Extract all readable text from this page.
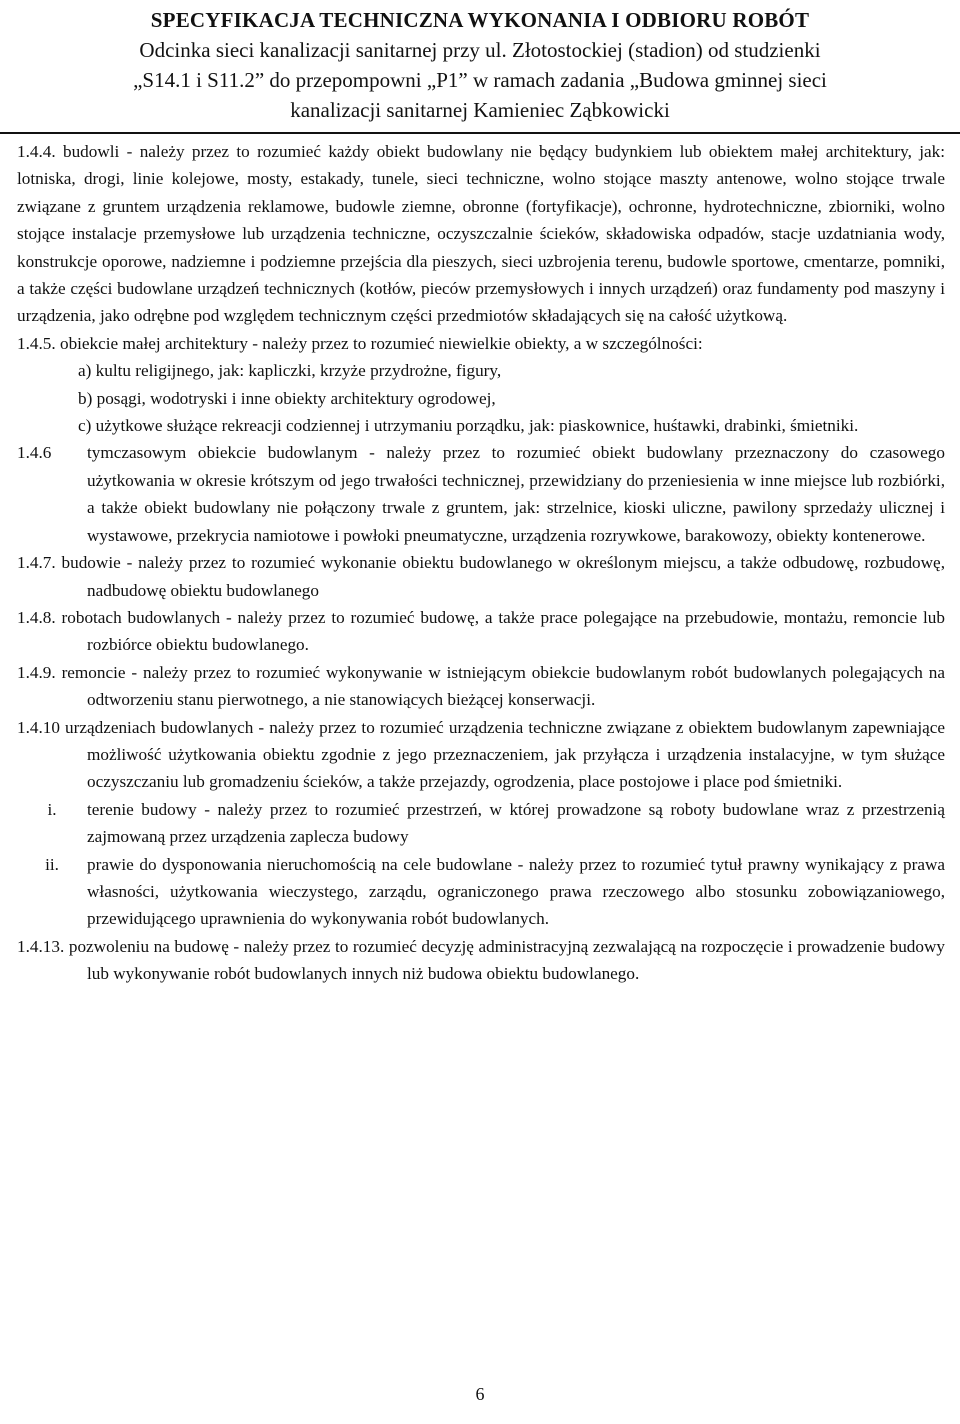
SPECYFIKACJA TECHNICZNA WYKONANIA I ODBIORU ROBÓT
Odcinka sieci kanalizacji sanitarnej przy ul. Złotostockiej (stadion) od studzienki
„S14.1 i S11.2” do przepompowni „P1” w ramach zadania „Budowa gminnej sieci
kanalizacji sanitarnej Kamieniec Ząbkowicki

1.4.4. budowli - należy przez to rozumieć każdy obiekt budowlany nie będący budynkiem lub obiektem małej architektury, jak: lotniska, drogi, linie kolejowe, mosty, estakady, tunele, sieci techniczne, wolno stojące maszty antenowe, wolno stojące trwale związane z gruntem urządzenia reklamowe, budowle ziemne, obronne (fortyfikacje), ochronne, hydrotechniczne, zbiorniki, wolno stojące instalacje przemysłowe lub urządzenia techniczne, oczyszczalnie ścieków, składowiska odpadów, stacje uzdatniania wody, konstrukcje oporowe, nadziemne i podziemne przejścia dla pieszych, sieci uzbrojenia terenu, budowle sportowe, cmentarze, pomniki, a także części budowlane urządzeń technicznych (kotłów, pieców przemysłowych i innych urządzeń) oraz fundamenty pod maszyny i urządzenia, jako odrębne pod względem technicznym części przedmiotów składających się na całość użytkową.

1.4.5. obiekcie małej architektury - należy przez to rozumieć niewielkie obiekty, a w szczególności:

a) kultu religijnego, jak: kapliczki, krzyże przydrożne, figury,

b) posągi, wodotryski i inne obiekty architektury ogrodowej,

c) użytkowe służące rekreacji codziennej i utrzymaniu porządku, jak: piaskownice, huśtawki, drabinki, śmietniki.

1.4.6	tymczasowym obiekcie budowlanym - należy przez to rozumieć obiekt budowlany przeznaczony do czasowego użytkowania w okresie krótszym od jego trwałości technicznej, przewidziany do przeniesienia w inne miejsce lub rozbiórki, a także obiekt budowlany nie połączony trwale z gruntem, jak: strzelnice, kioski uliczne, pawilony sprzedaży ulicznej i wystawowe, przekrycia namiotowe i powłoki pneumatyczne, urządzenia rozrywkowe, barakowozy, obiekty kontenerowe.

1.4.7. budowie - należy przez to rozumieć wykonanie obiektu budowlanego w określonym miejscu, a także odbudowę, rozbudowę, nadbudowę obiektu budowlanego

1.4.8. robotach budowlanych - należy przez to rozumieć budowę, a także prace polegające na przebudowie, montażu, remoncie lub rozbiórce obiektu budowlanego.

1.4.9. remoncie - należy przez to rozumieć wykonywanie w istniejącym obiekcie budowlanym robót budowlanych polegających na odtworzeniu stanu pierwotnego, a nie stanowiących bieżącej konserwacji.

1.4.10 urządzeniach budowlanych - należy przez to rozumieć urządzenia techniczne związane z obiektem budowlanym zapewniające możliwość użytkowania obiektu zgodnie z jego przeznaczeniem, jak przyłącza i urządzenia instalacyjne, w tym służące oczyszczaniu lub gromadzeniu ścieków, a także przejazdy, ogrodzenia, place postojowe i place pod śmietniki.

i.	terenie budowy - należy przez to rozumieć przestrzeń, w której prowadzone są roboty budowlane wraz z przestrzenią zajmowaną przez urządzenia zaplecza budowy
ii.	prawie do dysponowania nieruchomością na cele budowlane - należy przez to rozumieć tytuł prawny wynikający z prawa własności, użytkowania wieczystego, zarządu, ograniczonego prawa rzeczowego albo stosunku zobowiązaniowego, przewidującego uprawnienia do wykonywania robót budowlanych.

1.4.13. pozwoleniu na budowę - należy przez to rozumieć decyzję administracyjną zezwalającą na rozpoczęcie i prowadzenie budowy lub wykonywanie robót budowlanych innych niż budowa obiektu budowlanego.

6
